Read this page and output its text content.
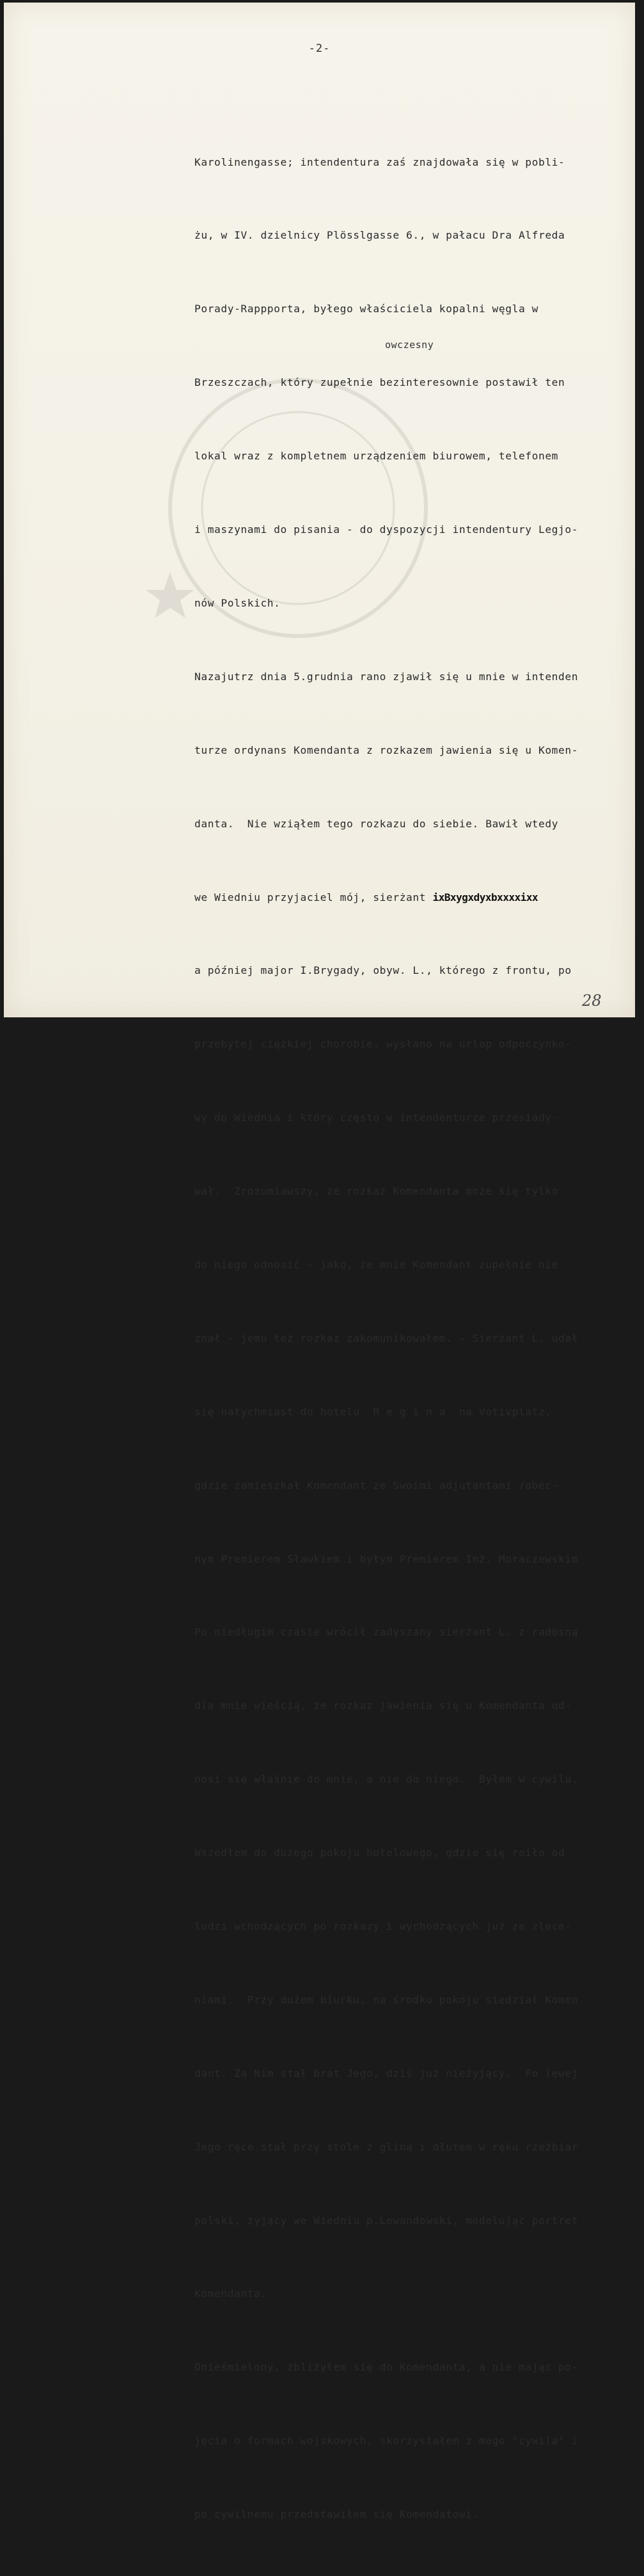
-2-
owczesny

Karolinengasse; intendentura zaś znajdowała się w pobli-

żu, w IV. dzielnicy Plösslgasse 6., w pałacu Dra Alfreda

Porady-Rappporta, byłego właściciela kopalni węgla w

Brzeszczach, który zupełnie bezinteresownie postawił ten

lokal wraz z kompletnem urządzeniem biurowem, telefonem

i maszynami do pisania - do dyspozycji intendentury Legjo-

nów Polskich.

Nazajutrz dnia 5.grudnia rano zjawił się u mnie w intenden

turze ordynans Komendanta z rozkazem jawienia się u Komen-

danta.  Nie wziąłem tego rozkazu do siebie. Bawił wtedy

we Wiedniu przyjaciel mój, sierżant ixBxygxdyxbxxxxixx

a później major I.Brygady, obyw. L., którego z frontu, po

przebytej ciężkiej chorobie, wysłano na urlop odpoczynko-

wy do Wiednia i który często w intendenturze przesiady-

wał.  Zrozumiawszy, że rozkaz Komendanta może się tylko

do niego odnosić - jako, że mnie Komendant zupełnie nie

znał - jemu też rozkaz zakomunikowałem. - Sierżant L. udał

się natychmiast do hotelu  R e g i n a  na Votivplatz,

gdzie zamieszkał Komendant ze Swoimi adjutantami /obec-

nym Premierem Sławkiem i byłym Premierem Inż. Moraczewskim

Po niedługim czasie wrócił zadyszany sierżant L. z radosną

dla mnie wieścią, że rozkaz jawienia się u Komendanta od-

nosi się właśnie do mnie, a nie do niego.  Byłem w cywilu.

Wszedłem do dużego pokoju hotelowego, gdzie się roiło od

ludzi wchodzących po rozkazy i wychodzących już ze zlece-

niami.  Przy dużem biurku, na środku pokoju siedział Komen

dant. Za Nim stał brat Jego, dziś już nieżyjący.  Po lewej

Jego ręce stał przy stole z gliną i dłutem w ręku rzeźbiar

polski, żyjący we Wiedniu p.Lewandowski, modelując portret

Komendanta.

Onieśmielony, zbliżyłem się do Komendanta, a nie mając po-

jęcia o formach wojskowych, skorzystałem z mego "cywila" i

po cywilnemu przedstawiłem się Komendatowi.

28
